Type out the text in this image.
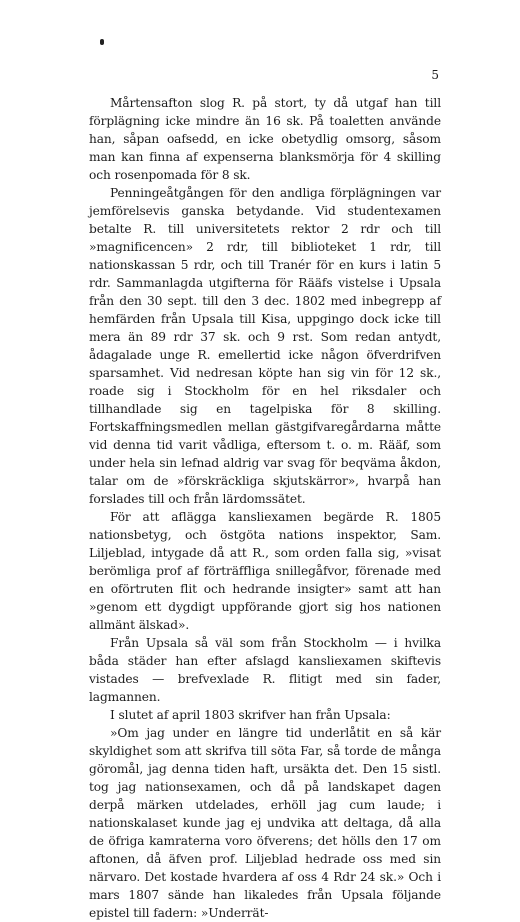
5

Mårtensafton slog R. på stort, ty då utgaf han till förplägning icke mindre än 16 sk. På toaletten använde han, såpan oafsedd, en icke obetydlig omsorg, såsom man kan finna af expenserna blanksmörja för 4 skilling och rosenpomada för 8 sk.

Penningeåtgången för den andliga förplägningen var jemförelsevis ganska betydande. Vid studentexamen betalte R. till universitetets rektor 2 rdr och till »magnificencen» 2 rdr, till biblioteket 1 rdr, till nationskassan 5 rdr, och till Tranér för en kurs i latin 5 rdr. Sammanlagda utgifterna för Rääfs vistelse i Upsala från den 30 sept. till den 3 dec. 1802 med inbegrepp af hemfärden från Upsala till Kisa, uppgingo dock icke till mera än 89 rdr 37 sk. och 9 rst. Som redan antydt, ådagalade unge R. emellertid icke någon öfverdrifven sparsamhet. Vid nedresan köpte han sig vin för 12 sk., roade sig i Stockholm för en hel riksdaler och tillhandlade sig en tagelpiska för 8 skilling. Fortskaffningsmedlen mellan gästgifvaregårdarna måtte vid denna tid varit vådliga, eftersom t. o. m. Rääf, som under hela sin lefnad aldrig var svag för beqväma åkdon, talar om de »förskräckliga skjutskärror», hvarpå han forslades till och från lärdomssätet.

För att aflägga kansliexamen begärde R. 1805 nationsbetyg, och östgöta nations inspektor, Sam. Liljeblad, intygade då att R., som orden falla sig, »visat berömliga prof af förträffliga snillegåfvor, förenade med en oförtruten flit och hedrande insigter» samt att han »genom ett dygdigt uppförande gjort sig hos nationen allmänt älskad».

Från Upsala så väl som från Stockholm — i hvilka båda städer han efter afslagd kansliexamen skiftevis vistades — brefvexlade R. flitigt med sin fader, lagmannen.

I slutet af april 1803 skrifver han från Upsala:

»Om jag under en längre tid underlåtit en så kär skyldighet som att skrifva till söta Far, så torde de många göromål, jag denna tiden haft, ursäkta det. Den 15 sistl. tog jag nationsexamen, och då på landskapet dagen derpå märken utdelades, erhöll jag cum laude; i nationskalaset kunde jag ej undvika att deltaga, då alla de öfriga kamraterna voro öfverens; det hölls den 17 om aftonen, då äfven prof. Liljeblad hedrade oss med sin närvaro. Det kostade hvardera af oss 4 Rdr 24 sk.» Och i mars 1807 sände han likaledes från Upsala följande epistel till fadern: »Underrät-
